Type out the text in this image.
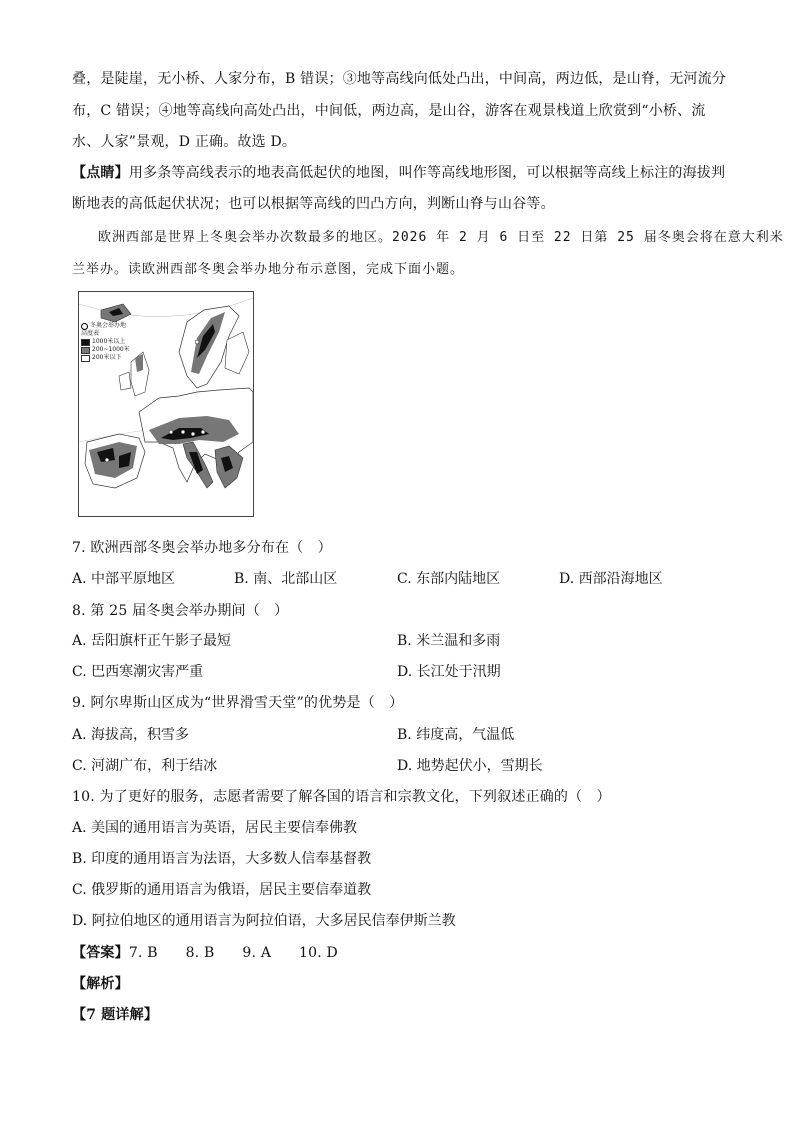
叠，是陡崖，无小桥、人家分布，B 错误；③地等高线向低处凸出，中间高，两边低，是山脊，无河流分
布，C 错误；④地等高线向高处凸出，中间低，两边高，是山谷，游客在观景栈道上欣赏到“小桥、流
水、人家”景观，D 正确。故选 D。
【点睛】用多条等高线表示的地表高低起伏的地图，叫作等高线地形图，可以根据等高线上标注的海拔判
断地表的高低起伏状况；也可以根据等高线的凹凸方向，判断山脊与山谷等。
欧洲西部是世界上冬奥会举办次数最多的地区。2026 年 2 月 6 日至 22 日第 25 届冬奥会将在意大利米
兰举办。读欧洲西部冬奥会举办地分布示意图，完成下面小题。
冬奥会举办地
高度表
1000米以上
200~1000米
200米以下
7. 欧洲西部冬奥会举办地多分布在（　）
A. 中部平原地区	B. 南、北部山区	C. 东部内陆地区	D. 西部沿海地区
8. 第 25 届冬奥会举办期间（　）
A. 岳阳旗杆正午影子最短	B. 米兰温和多雨
C. 巴西寒潮灾害严重	D. 长江处于汛期
9. 阿尔卑斯山区成为“世界滑雪天堂”的优势是（　）
A. 海拔高，积雪多	B. 纬度高，气温低
C. 河湖广布，利于结冰	D. 地势起伏小，雪期长
10. 为了更好的服务，志愿者需要了解各国的语言和宗教文化，下列叙述正确的（　）
A. 美国的通用语言为英语，居民主要信奉佛教
B. 印度的通用语言为法语，大多数人信奉基督教
C. 俄罗斯的通用语言为俄语，居民主要信奉道教
D. 阿拉伯地区的通用语言为阿拉伯语，大多居民信奉伊斯兰教
【答案】7. B      8. B      9. A      10. D
【解析】
【7 题详解】
